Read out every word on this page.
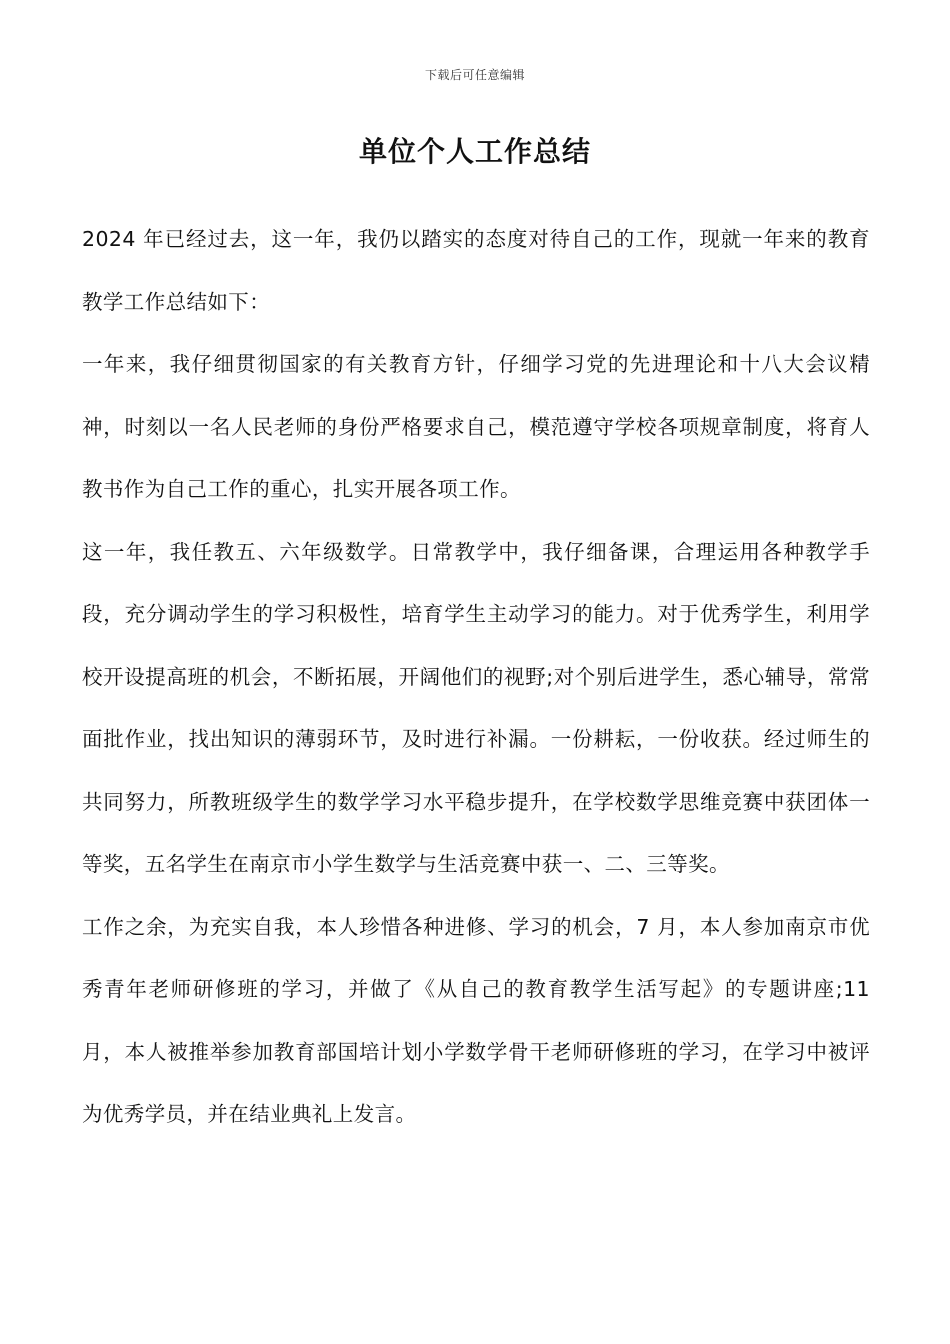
下载后可任意编辑
单位个人工作总结

2024 年已经过去，这一年，我仍以踏实的态度对待自己的工作，现就一年来的教育教学工作总结如下：

一年来，我仔细贯彻国家的有关教育方针，仔细学习党的先进理论和十八大会议精神，时刻以一名人民老师的身份严格要求自己，模范遵守学校各项规章制度，将育人教书作为自己工作的重心，扎实开展各项工作。

这一年，我任教五、六年级数学。日常教学中，我仔细备课，合理运用各种教学手段，充分调动学生的学习积极性，培育学生主动学习的能力。对于优秀学生，利用学校开设提高班的机会，不断拓展，开阔他们的视野;对个别后进学生，悉心辅导，常常面批作业，找出知识的薄弱环节，及时进行补漏。一份耕耘，一份收获。经过师生的共同努力，所教班级学生的数学学习水平稳步提升，在学校数学思维竞赛中获团体一等奖，五名学生在南京市小学生数学与生活竞赛中获一、二、三等奖。

工作之余，为充实自我，本人珍惜各种进修、学习的机会，7 月，本人参加南京市优秀青年老师研修班的学习，并做了《从自己的教育教学生活写起》的专题讲座;11 月，本人被推举参加教育部国培计划小学数学骨干老师研修班的学习，在学习中被评为优秀学员，并在结业典礼上发言。
